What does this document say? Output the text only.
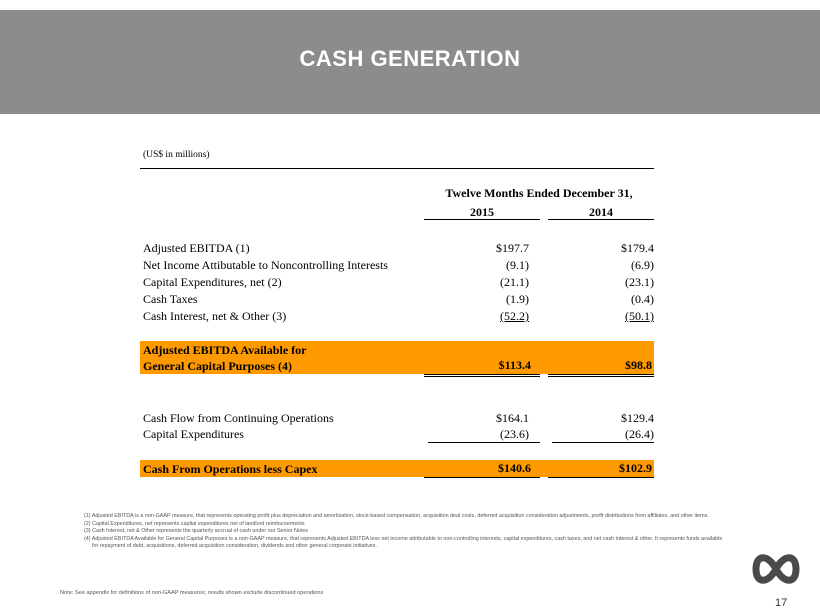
CASH GENERATION
(US$ in millions)
Twelve Months Ended December 31,
2015	2014
Adjusted EBITDA (1)	$197.7	$179.4
Net Income Attibutable to Noncontrolling Interests	(9.1)	(6.9)
Capital Expenditures, net (2)	(21.1)	(23.1)
Cash Taxes	(1.9)	(0.4)
Cash Interest, net & Other (3)	(52.2)	(50.1)
Adjusted EBITDA Available for
General Capital Purposes (4)	$113.4	$98.8
Cash Flow from Continuing Operations	$164.1	$129.4
Capital Expenditures	(23.6)	(26.4)
Cash From Operations less Capex	$140.6	$102.9
(1) Adjusted EBITDA is a non-GAAP measure, that represents operating profit plus depreciation and amortization, stock-based compensation, acquisition deal costs, deferred acquisition consideration adjustments, profit distributions from affiliates, and other items.
(2) Capital Expenditures, net represents capital expenditures net of landlord reimbursements
(3) Cash Interest, net & Other represents the quarterly accrual of cash under our Senior Notes
(4) Adjusted EBITDA Available for General Capital Purposes is a non-GAAP measure, that represents Adjusted EBITDA less net income attributable to non-controlling interests, capital expenditures, cash taxes, and net cash interest & other. It represents funds available for repayment of debt, acquisitions, deferred acquisition consideration, dividends and other general corporate initiatives.
Note: See appendix for definitions of non-GAAP measures; results shown exclude discontinued operations
17
